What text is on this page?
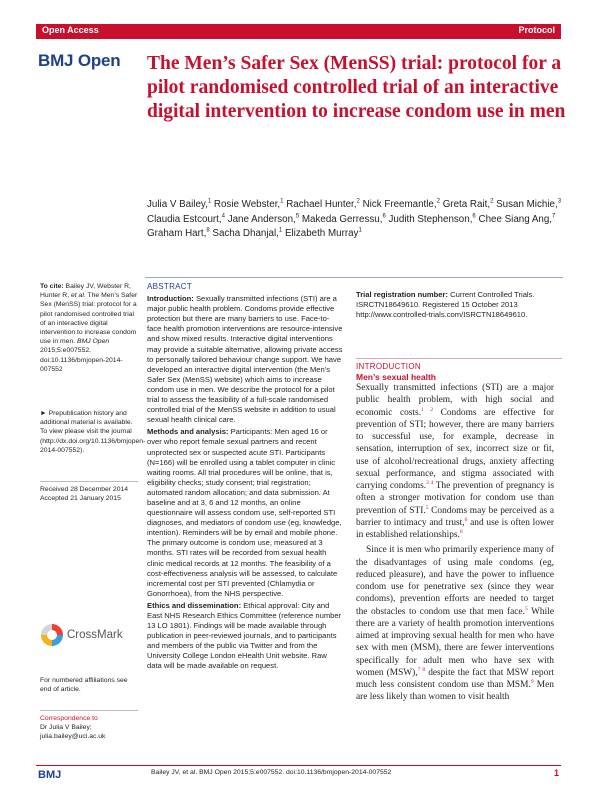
Open Access	Protocol
BMJ Open The Men’s Safer Sex (MenSS) trial: protocol for a pilot randomised controlled trial of an interactive digital intervention to increase condom use in men
Julia V Bailey,$^1$ Rosie Webster,$^1$ Rachael Hunter,$^2$ Nick Freemantle,$^2$ Greta Rait,$^2$ Susan Michie,$^3$ Claudia Estcourt,$^4$ Jane Anderson,$^5$ Makeda Gerressu,$^6$ Judith Stephenson,$^6$ Chee Siang Ang,$^7$ Graham Hart,$^8$ Sacha Dhanjal,$^1$ Elizabeth Murray$^1$
To cite: Bailey JV, Webster R, Hunter R, et al. The Men’s Safer Sex (MenSS) trial: protocol for a pilot randomised controlled trial of an interactive digital intervention to increase condom use in men. BMJ Open 2015;5:e007552. doi:10.1136/bmjopen-2014-007552
► Prepublication history and additional material is available. To view please visit the journal (http://dx.doi.org/10.1136/bmjopen-2014-007552).
Received 28 December 2014
Accepted 21 January 2015
CrossMark
For numbered affiliations see end of article.
Correspondence to
Dr Julia V Bailey;
julia.bailey@ucl.ac.uk
ABSTRACT

Introduction: Sexually transmitted infections (STI) are a major public health problem. Condoms provide effective protection but there are many barriers to use. Face-to-face health promotion interventions are resource-intensive and show mixed results. Interactive digital interventions may provide a suitable alternative, allowing private access to personally tailored behaviour change support. We have developed an interactive digital intervention (the Men’s Safer Sex (MenSS) website) which aims to increase condom use in men. We describe the protocol for a pilot trial to assess the feasibility of a full-scale randomised controlled trial of the MenSS website in addition to usual sexual health clinical care.

Methods and analysis: Participants: Men aged 16 or over who report female sexual partners and recent unprotected sex or suspected acute STI. Participants (N=166) will be enrolled using a tablet computer in clinic waiting rooms. All trial procedures will be online, that is, eligibility checks; study consent; trial registration; automated random allocation; and data submission. At baseline and at 3, 6 and 12 months, an online questionnaire will assess condom use, self-reported STI diagnoses, and mediators of condom use (eg, knowledge, intention). Reminders will be by email and mobile phone. The primary outcome is condom use, measured at 3 months. STI rates will be recorded from sexual health clinic medical records at 12 months. The feasibility of a cost-effectiveness analysis will be assessed, to calculate incremental cost per STI prevented (Chlamydia or Gonorrhoea), from the NHS perspective.

Ethics and dissemination: Ethical approval: City and East NHS Research Ethics Committee (reference number 13 LO 1801). Findings will be made available through publication in peer-reviewed journals, and to participants and members of the public via Twitter and from the University College London eHealth Unit website. Raw data will be made available on request.

Trial registration number: Current Controlled Trials. ISRCTN18649610. Registered 15 October 2013 http://www.controlled-trials.com/ISRCTN18649610.
INTRODUCTION
Men’s sexual health

Sexually transmitted infections (STI) are a major public health problem, with high social and economic costs.$^{1 2}$ Condoms are effective for prevention of STI; however, there are many barriers to successful use, for example, decrease in sensation, interruption of sex, incorrect size or fit, use of alcohol/recreational drugs, anxiety affecting sexual performance, and stigma associated with carrying condoms.$^{3 4}$ The prevention of pregnancy is often a stronger motivation for condom use than prevention of STI.$^5$ Condoms may be perceived as a barrier to intimacy and trust,$^6$ and use is often lower in established relationships.$^6$

Since it is men who primarily experience many of the disadvantages of using male condoms (eg, reduced pleasure), and have the power to influence condom use for penetrative sex (since they wear condoms), prevention efforts are needed to target the obstacles to condom use that men face.$^5$ While there are a variety of health promotion interventions aimed at improving sexual health for men who have sex with men (MSM), there are fewer interventions specifically for adult men who have sex with women (MSW),$^{7 8}$ despite the fact that MSW report much less consistent condom use than MSM.$^9$ Men are less likely than women to visit health

BMJ	Bailey JV, et al. BMJ Open 2015;5:e007552. doi:10.1136/bmjopen-2014-007552	1
